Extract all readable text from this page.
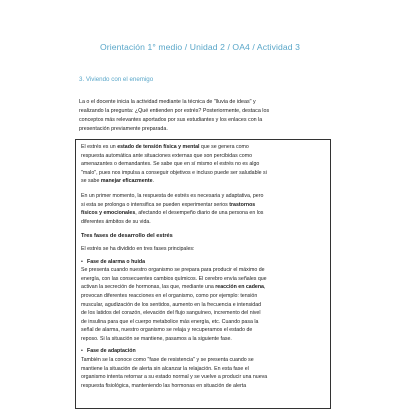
Orientación 1° medio / Unidad 2 / OA4 / Actividad 3
3. Viviendo con el enemigo
La o el docente inicia la actividad mediante la técnica de "lluvia de ideas" y
realizando la pregunta: ¿Qué entienden por estrés? Posteriormente, destaca los
conceptos más relevantes aportados por sus estudiantes y los enlaces con la
presentación previamente preparada.
El estrés es un estado de tensión física y mental que se genera como
respuesta automática ante situaciones externas que son percibidas como
amenazantes o demandantes. Se sabe que en sí mismo el estrés no es algo
"malo", pues nos impulsa a conseguir objetivos e incluso puede ser saludable si
se sabe manejar eficazmente.
En un primer momento, la respuesta de estrés es necesaria y adaptativa, pero
si esta se prolonga o intensifica se pueden experimentar serios trastornos
físicos y emocionales, afectando el desempeño diario de una persona en los
diferentes ámbitos de su vida.
Tres fases de desarrollo del estrés
El estrés se ha dividido en tres fases principales:
• Fase de alarma o huida
Se presenta cuando nuestro organismo se prepara para producir el máximo de
energía, con las consecuentes cambios químicos. El cerebro envía señales que
activan la secreción de hormonas, las que, mediante una reacción en cadena,
provocan diferentes reacciones en el organismo, como por ejemplo: tensión
muscular, agudización de los sentidos, aumento en la frecuencia e intensidad
de los latidos del corazón, elevación del flujo sanguíneo, incremento del nivel
de insulina para que el cuerpo metabolice más energía, etc. Cuando pasa la
señal de alarma, nuestro organismo se relaja y recuperamos el estado de
reposo. Si la situación se mantiene, pasamos a la siguiente fase.
• Fase de adaptación
También se la conoce como "fase de resistencia" y se presenta cuando se
mantiene la situación de alerta sin alcanzar la relajación. En esta fase el
organismo intenta retornar a su estado normal y se vuelve a producir una nueva
respuesta fisiológica, manteniendo las hormonas en situación de alerta
